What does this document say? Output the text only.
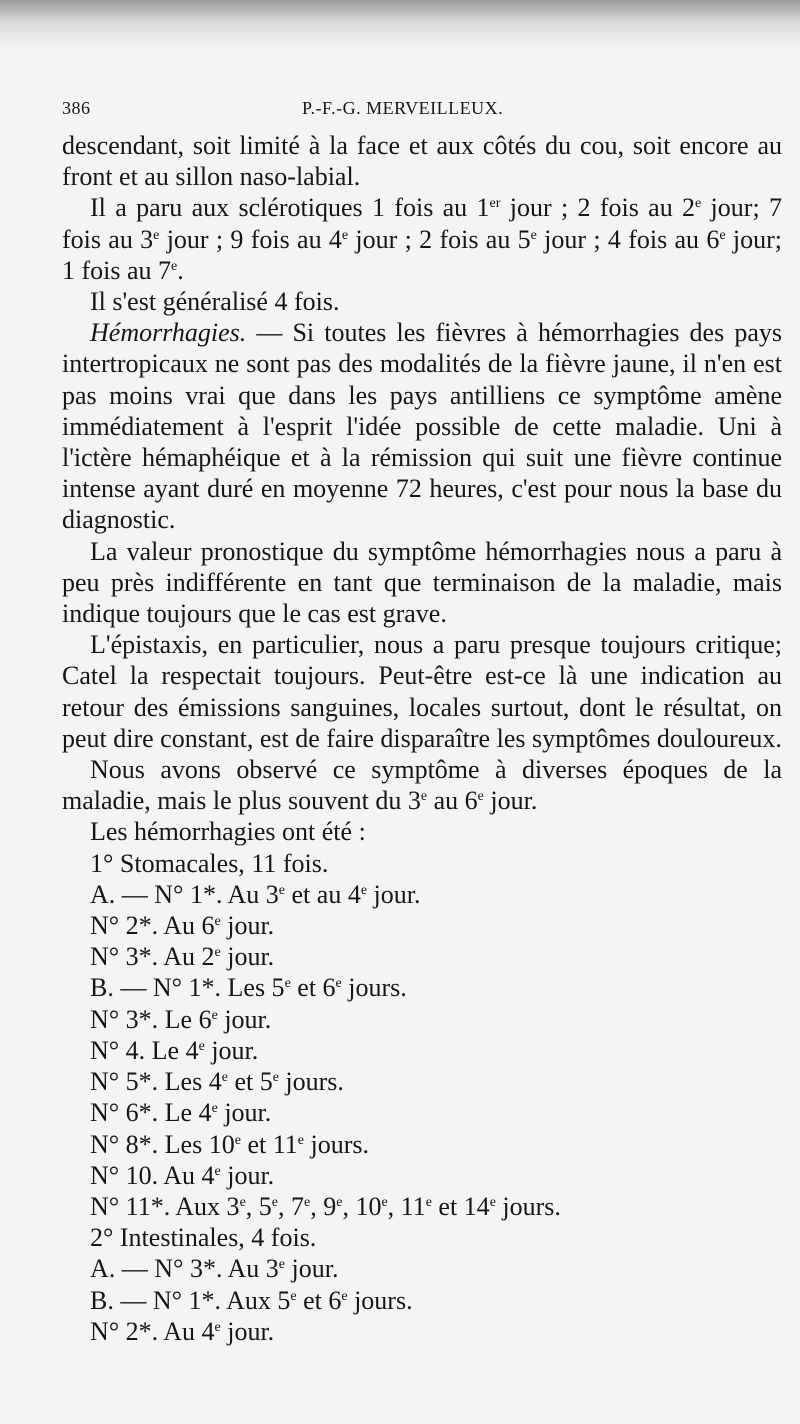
386	P.-F.-G. MERVEILLEUX.

descendant, soit limité à la face et aux côtés du cou, soit encore au front et au sillon naso-labial.

Il a paru aux sclérotiques 1 fois au 1er jour ; 2 fois au 2e jour; 7 fois au 3e jour ; 9 fois au 4e jour ; 2 fois au 5e jour ; 4 fois au 6e jour; 1 fois au 7e.

Il s'est généralisé 4 fois.

Hémorrhagies. — Si toutes les fièvres à hémorrhagies des pays intertropicaux ne sont pas des modalités de la fièvre jaune, il n'en est pas moins vrai que dans les pays antilliens ce symptôme amène immédiatement à l'esprit l'idée possible de cette maladie. Uni à l'ictère hémaphéique et à la rémission qui suit une fièvre continue intense ayant duré en moyenne 72 heures, c'est pour nous la base du diagnostic.

La valeur pronostique du symptôme hémorrhagies nous a paru à peu près indifférente en tant que terminaison de la maladie, mais indique toujours que le cas est grave.

L'épistaxis, en particulier, nous a paru presque toujours critique; Catel la respectait toujours. Peut-être est-ce là une indication au retour des émissions sanguines, locales surtout, dont le résultat, on peut dire constant, est de faire disparaître les symptômes douloureux.

Nous avons observé ce symptôme à diverses époques de la maladie, mais le plus souvent du 3e au 6e jour.

Les hémorrhagies ont été :

1° Stomacales, 11 fois.

A. — N° 1*. Au 3e et au 4e jour.

N° 2*. Au 6e jour.

N° 3*. Au 2e jour.

B. — N° 1*. Les 5e et 6e jours.

N° 3*. Le 6e jour.

N° 4. Le 4e jour.

N° 5*. Les 4e et 5e jours.

N° 6*. Le 4e jour.

N° 8*. Les 10e et 11e jours.

N° 10. Au 4e jour.

N° 11*. Aux 3e, 5e, 7e, 9e, 10e, 11e et 14e jours.

2° Intestinales, 4 fois.

A. — N° 3*. Au 3e jour.

B. — N° 1*. Aux 5e et 6e jours.

N° 2*. Au 4e jour.
